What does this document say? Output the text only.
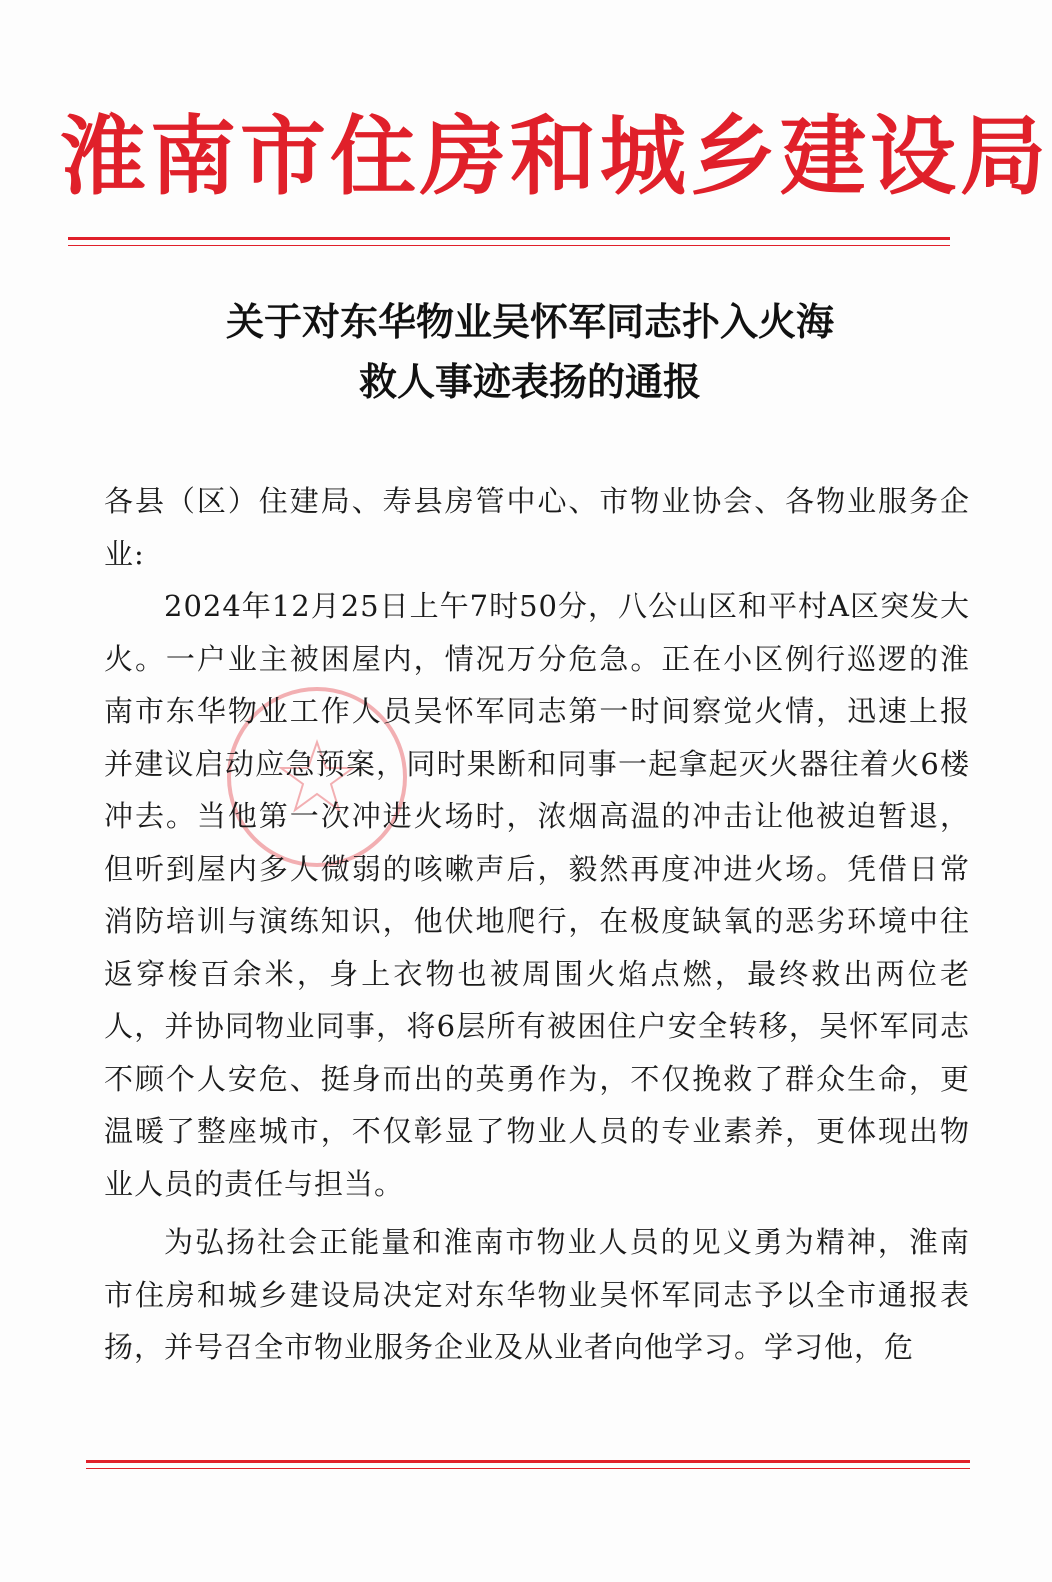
淮南市住房和城乡建设局
关于对东华物业吴怀军同志扑入火海
救人事迹表扬的通报

各县（区）住建局、寿县房管中心、市物业协会、各物业服务企业:

2024年12月25日上午7时50分，八公山区和平村A区突发大火。一户业主被困屋内，情况万分危急。正在小区例行巡逻的淮南市东华物业工作人员吴怀军同志第一时间察觉火情，迅速上报并建议启动应急预案，同时果断和同事一起拿起灭火器往着火6楼冲去。当他第一次冲进火场时，浓烟高温的冲击让他被迫暂退，但听到屋内多人微弱的咳嗽声后，毅然再度冲进火场。凭借日常消防培训与演练知识，他伏地爬行，在极度缺氧的恶劣环境中往返穿梭百余米，身上衣物也被周围火焰点燃，最终救出两位老人，并协同物业同事，将6层所有被困住户安全转移，吴怀军同志不顾个人安危、挺身而出的英勇作为，不仅挽救了群众生命，更温暖了整座城市，不仅彰显了物业人员的专业素养，更体现出物业人员的责任与担当。

为弘扬社会正能量和淮南市物业人员的见义勇为精神，淮南市住房和城乡建设局决定对东华物业吴怀军同志予以全市通报表扬，并号召全市物业服务企业及从业者向他学习。学习他，危
